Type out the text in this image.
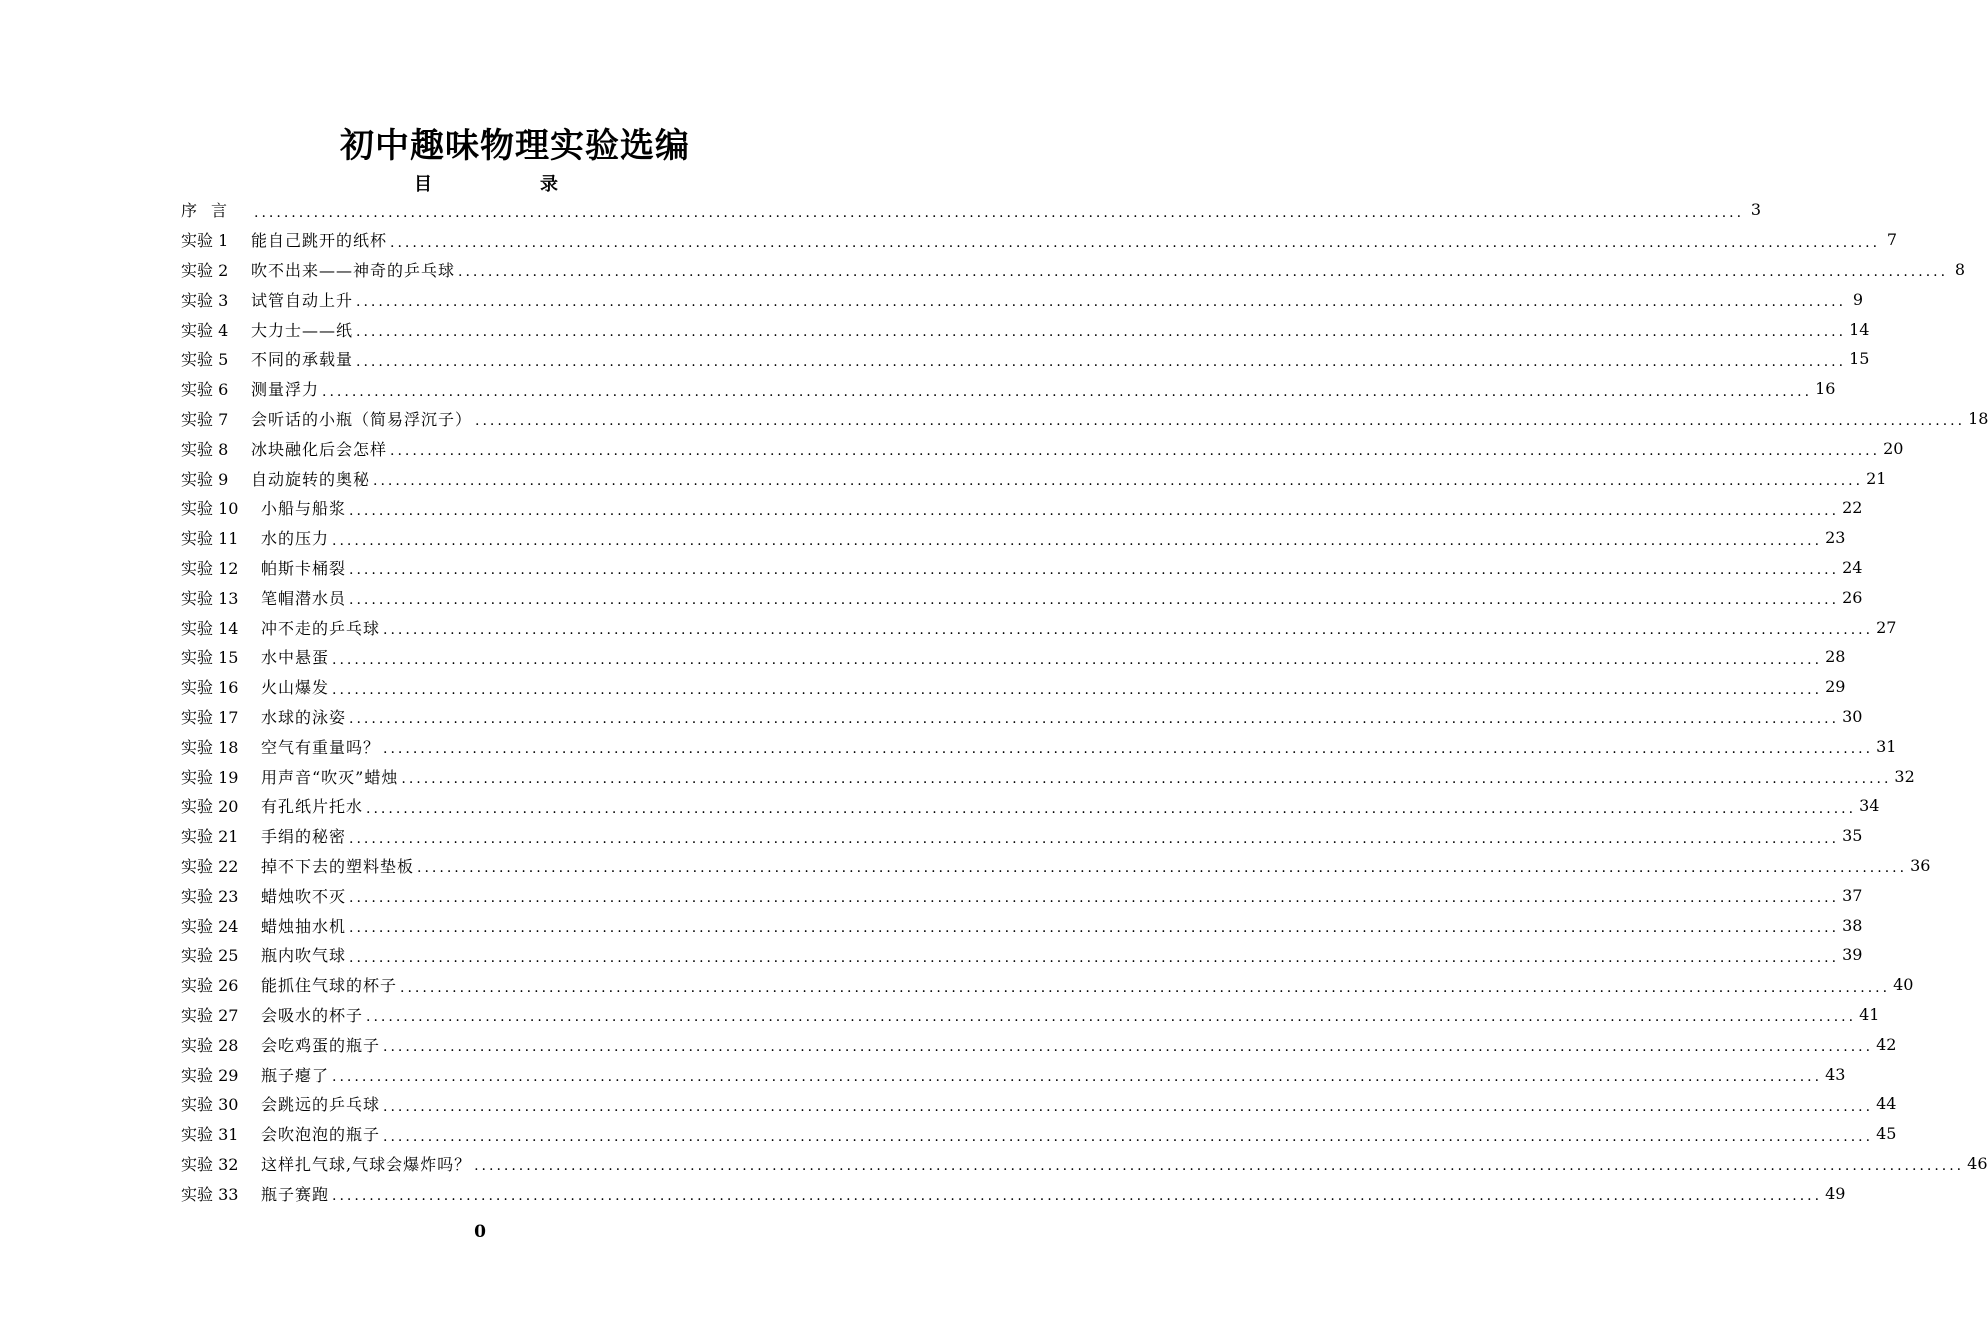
初中趣味物理实验选编
目	录
序言 ........................................................................................................................................................................................................ 3
实验 1	能自己跳开的纸杯 ........................................................................................................................................................................................................ 7
实验 2	吹不出来——神奇的乒乓球 ........................................................................................................................................................................................................ 8
实验 3	试管自动上升 ........................................................................................................................................................................................................ 9
实验 4	大力士——纸 ........................................................................................................................................................................................................ 14
实验 5	不同的承载量 ........................................................................................................................................................................................................ 15
实验 6	测量浮力 ........................................................................................................................................................................................................ 16
实验 7	会听话的小瓶（简易浮沉子） ........................................................................................................................................................................................................ 18
实验 8	冰块融化后会怎样 ........................................................................................................................................................................................................ 20
实验 9	自动旋转的奥秘 ........................................................................................................................................................................................................ 21
实验 10	小船与船浆 ........................................................................................................................................................................................................ 22
实验 11	水的压力 ........................................................................................................................................................................................................ 23
实验 12	帕斯卡桶裂 ........................................................................................................................................................................................................ 24
实验 13	笔帽潜水员 ........................................................................................................................................................................................................ 26
实验 14	冲不走的乒乓球 ........................................................................................................................................................................................................ 27
实验 15	水中悬蛋 ........................................................................................................................................................................................................ 28
实验 16	火山爆发 ........................................................................................................................................................................................................ 29
实验 17	水球的泳姿 ........................................................................................................................................................................................................ 30
实验 18	空气有重量吗？ ........................................................................................................................................................................................................ 31
实验 19	用声音“吹灭”蜡烛 ........................................................................................................................................................................................................ 32
实验 20	有孔纸片托水 ........................................................................................................................................................................................................ 34
实验 21	手绢的秘密 ........................................................................................................................................................................................................ 35
实验 22	掉不下去的塑料垫板 ........................................................................................................................................................................................................ 36
实验 23	蜡烛吹不灭 ........................................................................................................................................................................................................ 37
实验 24	蜡烛抽水机 ........................................................................................................................................................................................................ 38
实验 25	瓶内吹气球 ........................................................................................................................................................................................................ 39
实验 26	能抓住气球的杯子 ........................................................................................................................................................................................................ 40
实验 27	会吸水的杯子 ........................................................................................................................................................................................................ 41
实验 28	会吃鸡蛋的瓶子 ........................................................................................................................................................................................................ 42
实验 29	瓶子瘪了 ........................................................................................................................................................................................................ 43
实验 30	会跳远的乒乓球 ........................................................................................................................................................................................................ 44
实验 31	会吹泡泡的瓶子 ........................................................................................................................................................................................................ 45
实验 32	这样扎气球,气球会爆炸吗？ ........................................................................................................................................................................................................ 46
实验 33	瓶子赛跑 ........................................................................................................................................................................................................ 49
0
